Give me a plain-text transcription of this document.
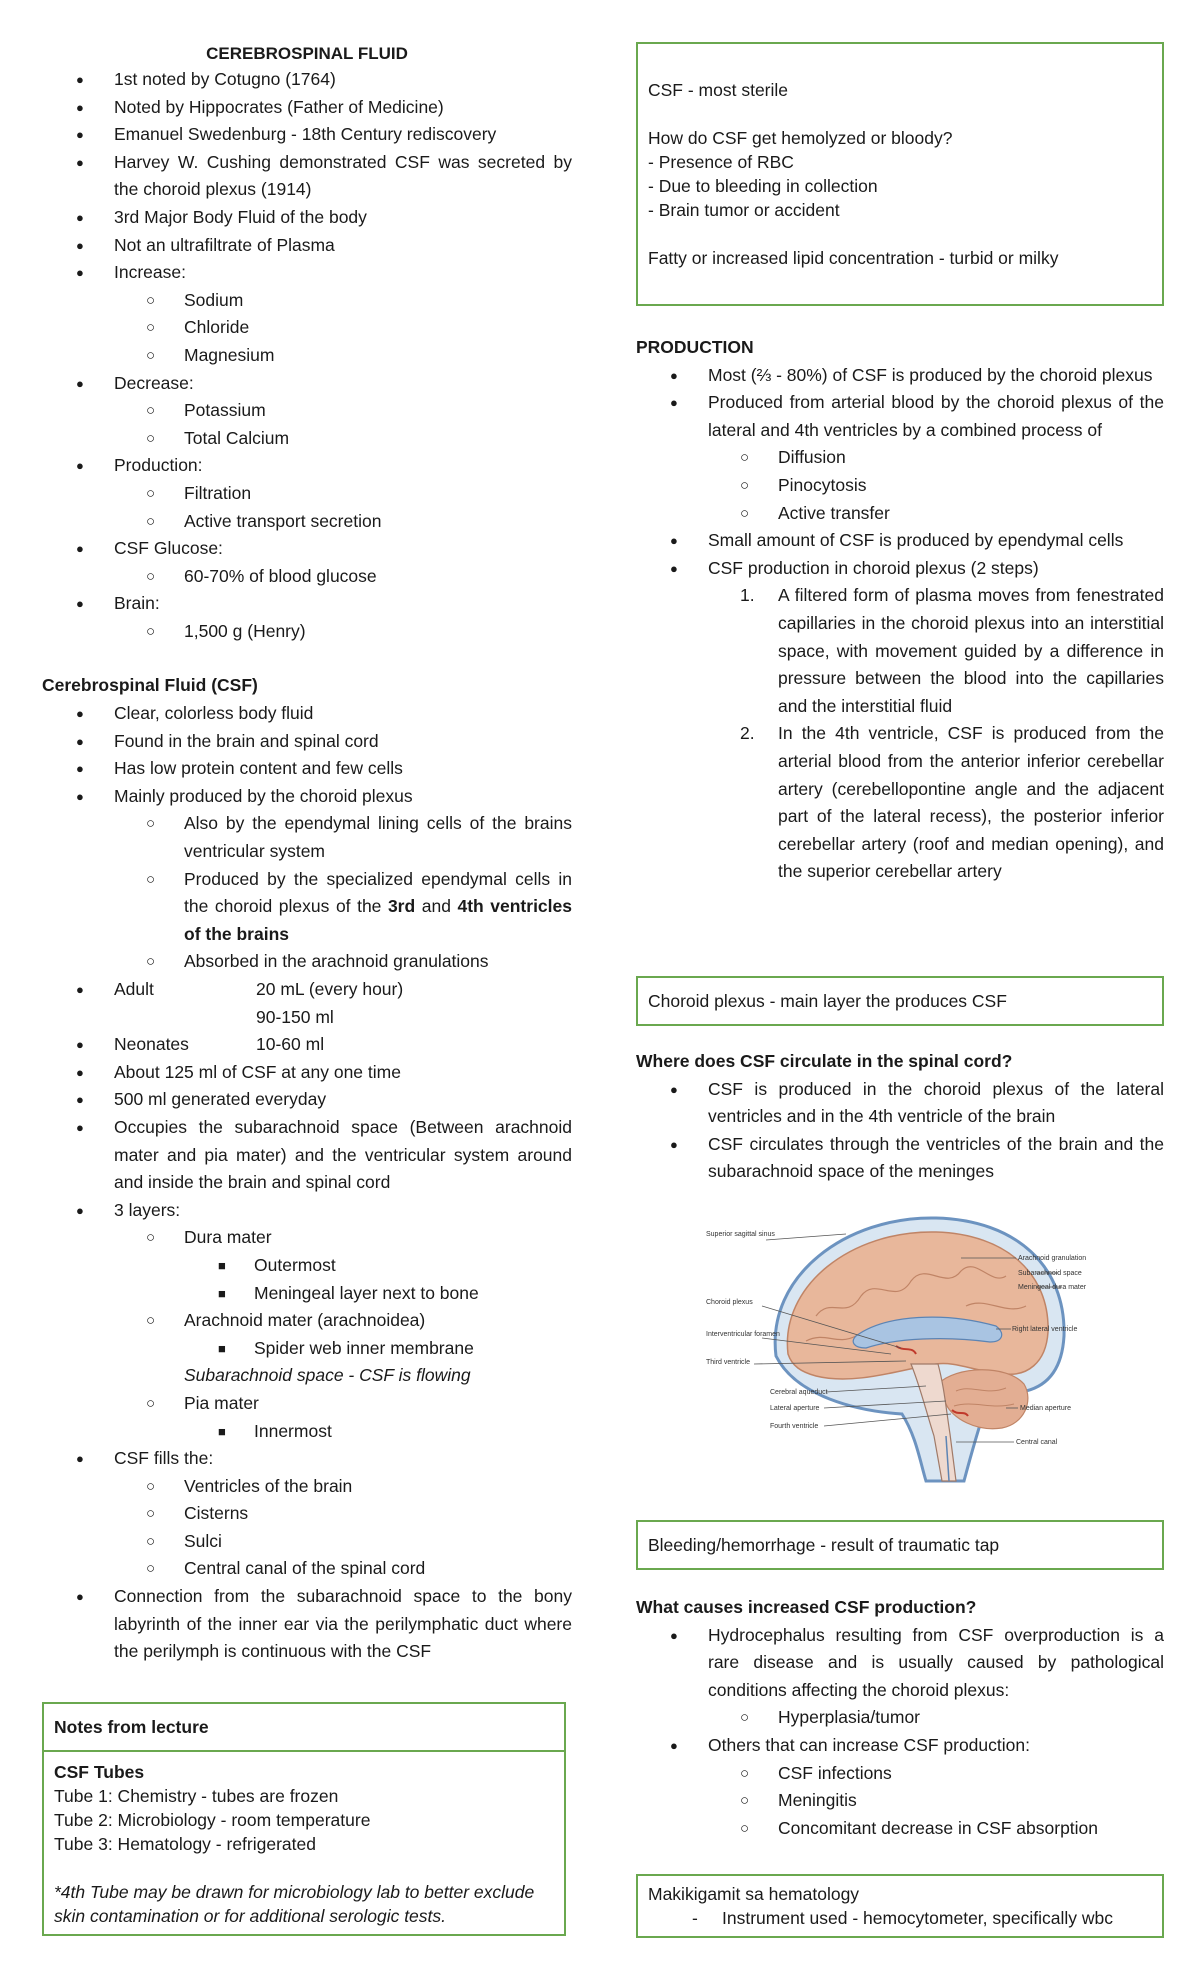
CEREBROSPINAL FLUID
● 1st noted by Cotugno (1764)
● Noted by Hippocrates (Father of Medicine)
● Emanuel Swedenburg - 18th Century rediscovery
● Harvey W. Cushing demonstrated CSF was secreted by the choroid plexus (1914)
● 3rd Major Body Fluid of the body
● Not an ultrafiltrate of Plasma
● Increase:
○ Sodium
○ Chloride
○ Magnesium
● Decrease:
○ Potassium
○ Total Calcium
● Production:
○ Filtration
○ Active transport secretion
● CSF Glucose:
○ 60-70% of blood glucose
● Brain:
○ 1,500 g (Henry)
Cerebrospinal Fluid (CSF)
● Clear, colorless body fluid
● Found in the brain and spinal cord
● Has low protein content and few cells
● Mainly produced by the choroid plexus
○ Also by the ependymal lining cells of the brains ventricular system
○ Produced by the specialized ependymal cells in the choroid plexus of the 3rd and 4th ventricles of the brains
○ Absorbed in the arachnoid granulations
● Adult	20 mL (every hour)
90-150 ml
● Neonates	10-60 ml
● About 125 ml of CSF at any one time
● 500 ml generated everyday
● Occupies the subarachnoid space (Between arachnoid mater and pia mater) and the ventricular system around and inside the brain and spinal cord
● 3 layers:
○ Dura mater
■ Outermost
■ Meningeal layer next to bone
○ Arachnoid mater (arachnoidea)
■ Spider web inner membrane
Subarachnoid space - CSF is flowing
○ Pia mater
■ Innermost
● CSF fills the:
○ Ventricles of the brain
○ Cisterns
○ Sulci
○ Central canal of the spinal cord
● Connection from the subarachnoid space to the bony labyrinth of the inner ear via the perilymphatic duct where the perilymph is continuous with the CSF
Notes from lecture
CSF Tubes
Tube 1: Chemistry - tubes are frozen
Tube 2: Microbiology - room temperature
Tube 3: Hematology - refrigerated
*4th Tube may be drawn for microbiology lab to better exclude skin contamination or for additional serologic tests.
CSF - most sterile
How do CSF get hemolyzed or bloody?
- Presence of RBC
- Due to bleeding in collection
- Brain tumor or accident
Fatty or increased lipid concentration - turbid or milky
PRODUCTION
● Most (⅔ - 80%) of CSF is produced by the choroid plexus
● Produced from arterial blood by the choroid plexus of the lateral and 4th ventricles by a combined process of
○ Diffusion
○ Pinocytosis
○ Active transfer
● Small amount of CSF is produced by ependymal cells
● CSF production in choroid plexus (2 steps)
1. A filtered form of plasma moves from fenestrated capillaries in the choroid plexus into an interstitial space, with movement guided by a difference in pressure between the blood into the capillaries and the interstitial fluid
2. In the 4th ventricle, CSF is produced from the arterial blood from the anterior inferior cerebellar artery (cerebellopontine angle and the adjacent part of the lateral recess), the posterior inferior cerebellar artery (roof and median opening), and the superior cerebellar artery
Choroid plexus - main layer the produces CSF
Where does CSF circulate in the spinal cord?
● CSF is produced in the choroid plexus of the lateral ventricles and in the 4th ventricle of the brain
● CSF circulates through the ventricles of the brain and the subarachnoid space of the meninges
Superior sagittal sinus
Choroid plexus
Interventricular foramen
Third ventricle
Cerebral aqueduct
Lateral aperture
Fourth ventricle
Arachnoid granulation
Subarachnoid space
Meningeal dura mater
Right lateral ventricle
Median aperture
Central canal
Bleeding/hemorrhage - result of traumatic tap
What causes increased CSF production?
● Hydrocephalus resulting from CSF overproduction is a rare disease and is usually caused by pathological conditions affecting the choroid plexus:
○ Hyperplasia/tumor
● Others that can increase CSF production:
○ CSF infections
○ Meningitis
○ Concomitant decrease in CSF absorption
Makikigamit sa hematology
- Instrument used - hemocytometer, specifically wbc
